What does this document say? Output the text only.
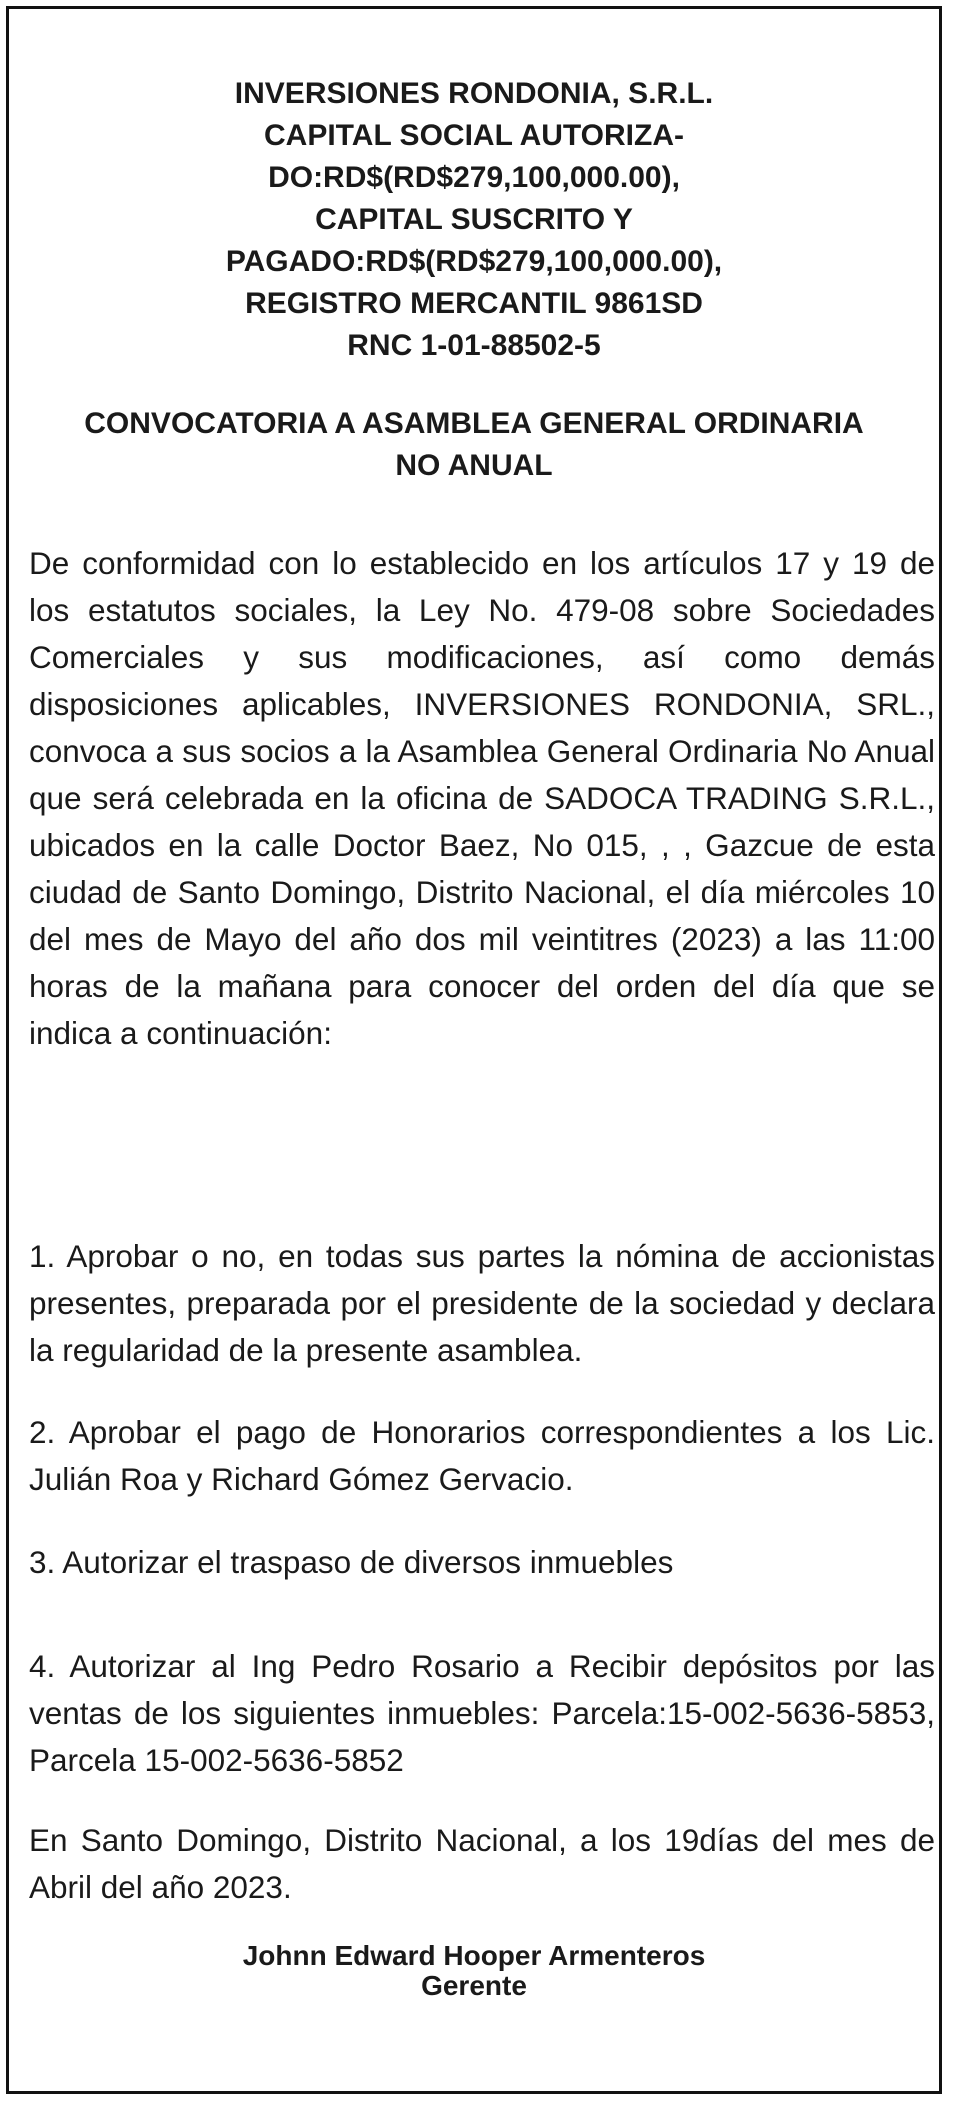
INVERSIONES RONDONIA, S.R.L.
CAPITAL SOCIAL AUTORIZA-
DO:RD$(RD$279,100,000.00),
CAPITAL SUSCRITO Y
PAGADO:RD$(RD$279,100,000.00),
REGISTRO MERCANTIL 9861SD
RNC 1-01-88502-5
CONVOCATORIA A ASAMBLEA GENERAL ORDINARIA
NO ANUAL
De conformidad con lo establecido en los artículos 17 y 19 de los estatutos sociales, la Ley No. 479-08 sobre Sociedades Comerciales y sus modificaciones, así como demás disposiciones aplicables, INVERSIONES RONDONIA, SRL., convoca a sus socios a la Asamblea General Ordinaria No Anual que será celebrada en la oficina de SADOCA TRADING S.R.L., ubicados en la calle Doctor Baez, No 015, , , Gazcue de esta ciudad de Santo Domingo, Distrito Nacional, el día miércoles 10 del mes de Mayo del año dos mil veintitres (2023) a las 11:00 horas de la mañana para conocer del orden del día que se indica a continuación:
1. Aprobar o no, en todas sus partes la nómina de accionistas presentes, preparada por el presidente de la sociedad y declara la regularidad de la presente asamblea.
2. Aprobar el pago de Honorarios correspondientes a los Lic. Julián Roa y Richard Gómez Gervacio.
3. Autorizar el traspaso de diversos inmuebles
4. Autorizar al Ing Pedro Rosario a Recibir depósitos por las ventas de los siguientes inmuebles: Parcela:15-002-5636-5853, Parcela 15-002-5636-5852
En Santo Domingo, Distrito Nacional, a los 19días del mes de Abril del año 2023.
Johnn Edward Hooper Armenteros
Gerente
